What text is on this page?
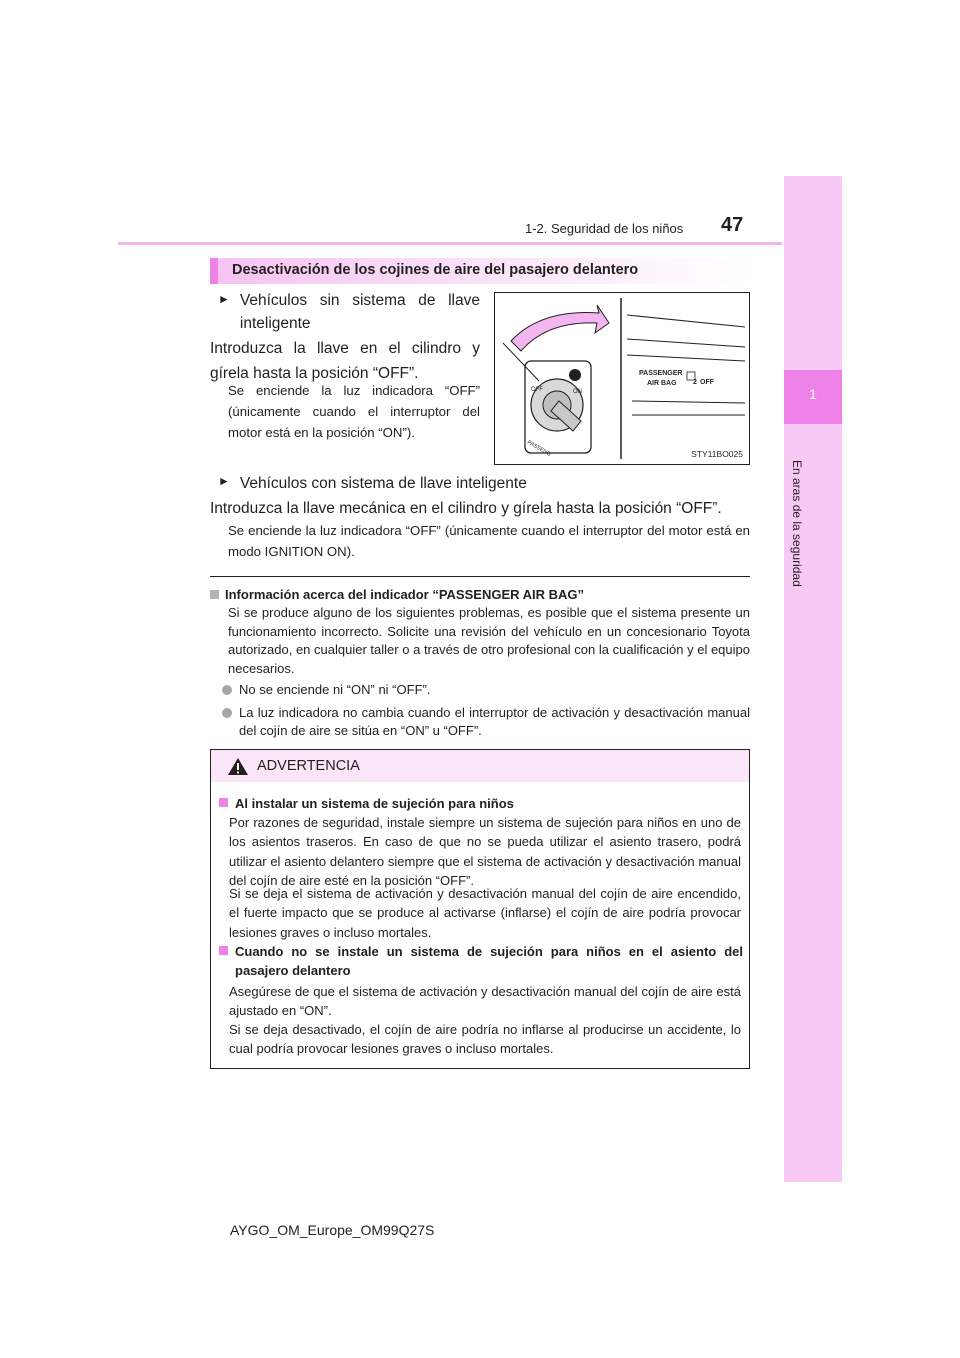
47
1-2. Seguridad de los niños
1
En aras de la seguridad
Desactivación de los cojines de aire del pasajero delantero
► Vehículos sin sistema de llave inteligente
Introduzca la llave en el cilindro y gírela hasta la posición “OFF”.
Se enciende la luz indicadora “OFF” (únicamente cuando el interruptor del motor está en la posición “ON”).
PASSENGER
AIR BAG 2 OFF
OFF	ON
PASSENG	STY11BO025
► Vehículos con sistema de llave inteligente
Introduzca la llave mecánica en el cilindro y gírela hasta la posición “OFF”.
Se enciende la luz indicadora “OFF” (únicamente cuando el interruptor del motor está en modo IGNITION ON).
Información acerca del indicador “PASSENGER AIR BAG”
Si se produce alguno de los siguientes problemas, es posible que el sistema presente un funcionamiento incorrecto. Solicite una revisión del vehículo en un concesionario Toyota autorizado, en cualquier taller o a través de otro profesional con la cualificación y el equipo necesarios.
No se enciende ni “ON” ni “OFF”.
La luz indicadora no cambia cuando el interruptor de activación y desactivación manual del cojín de aire se sitúa en “ON” u “OFF”.
ADVERTENCIA
Al instalar un sistema de sujeción para niños
Por razones de seguridad, instale siempre un sistema de sujeción para niños en uno de los asientos traseros. En caso de que no se pueda utilizar el asiento trasero, podrá utilizar el asiento delantero siempre que el sistema de activación y desactivación manual del cojín de aire esté en la posición “OFF”.
Si se deja el sistema de activación y desactivación manual del cojín de aire encendido, el fuerte impacto que se produce al activarse (inflarse) el cojín de aire podría provocar lesiones graves o incluso mortales.
Cuando no se instale un sistema de sujeción para niños en el asiento del pasajero delantero
Asegúrese de que el sistema de activación y desactivación manual del cojín de aire está ajustado en “ON”.
Si se deja desactivado, el cojín de aire podría no inflarse al producirse un accidente, lo cual podría provocar lesiones graves o incluso mortales.
AYGO_OM_Europe_OM99Q27S
